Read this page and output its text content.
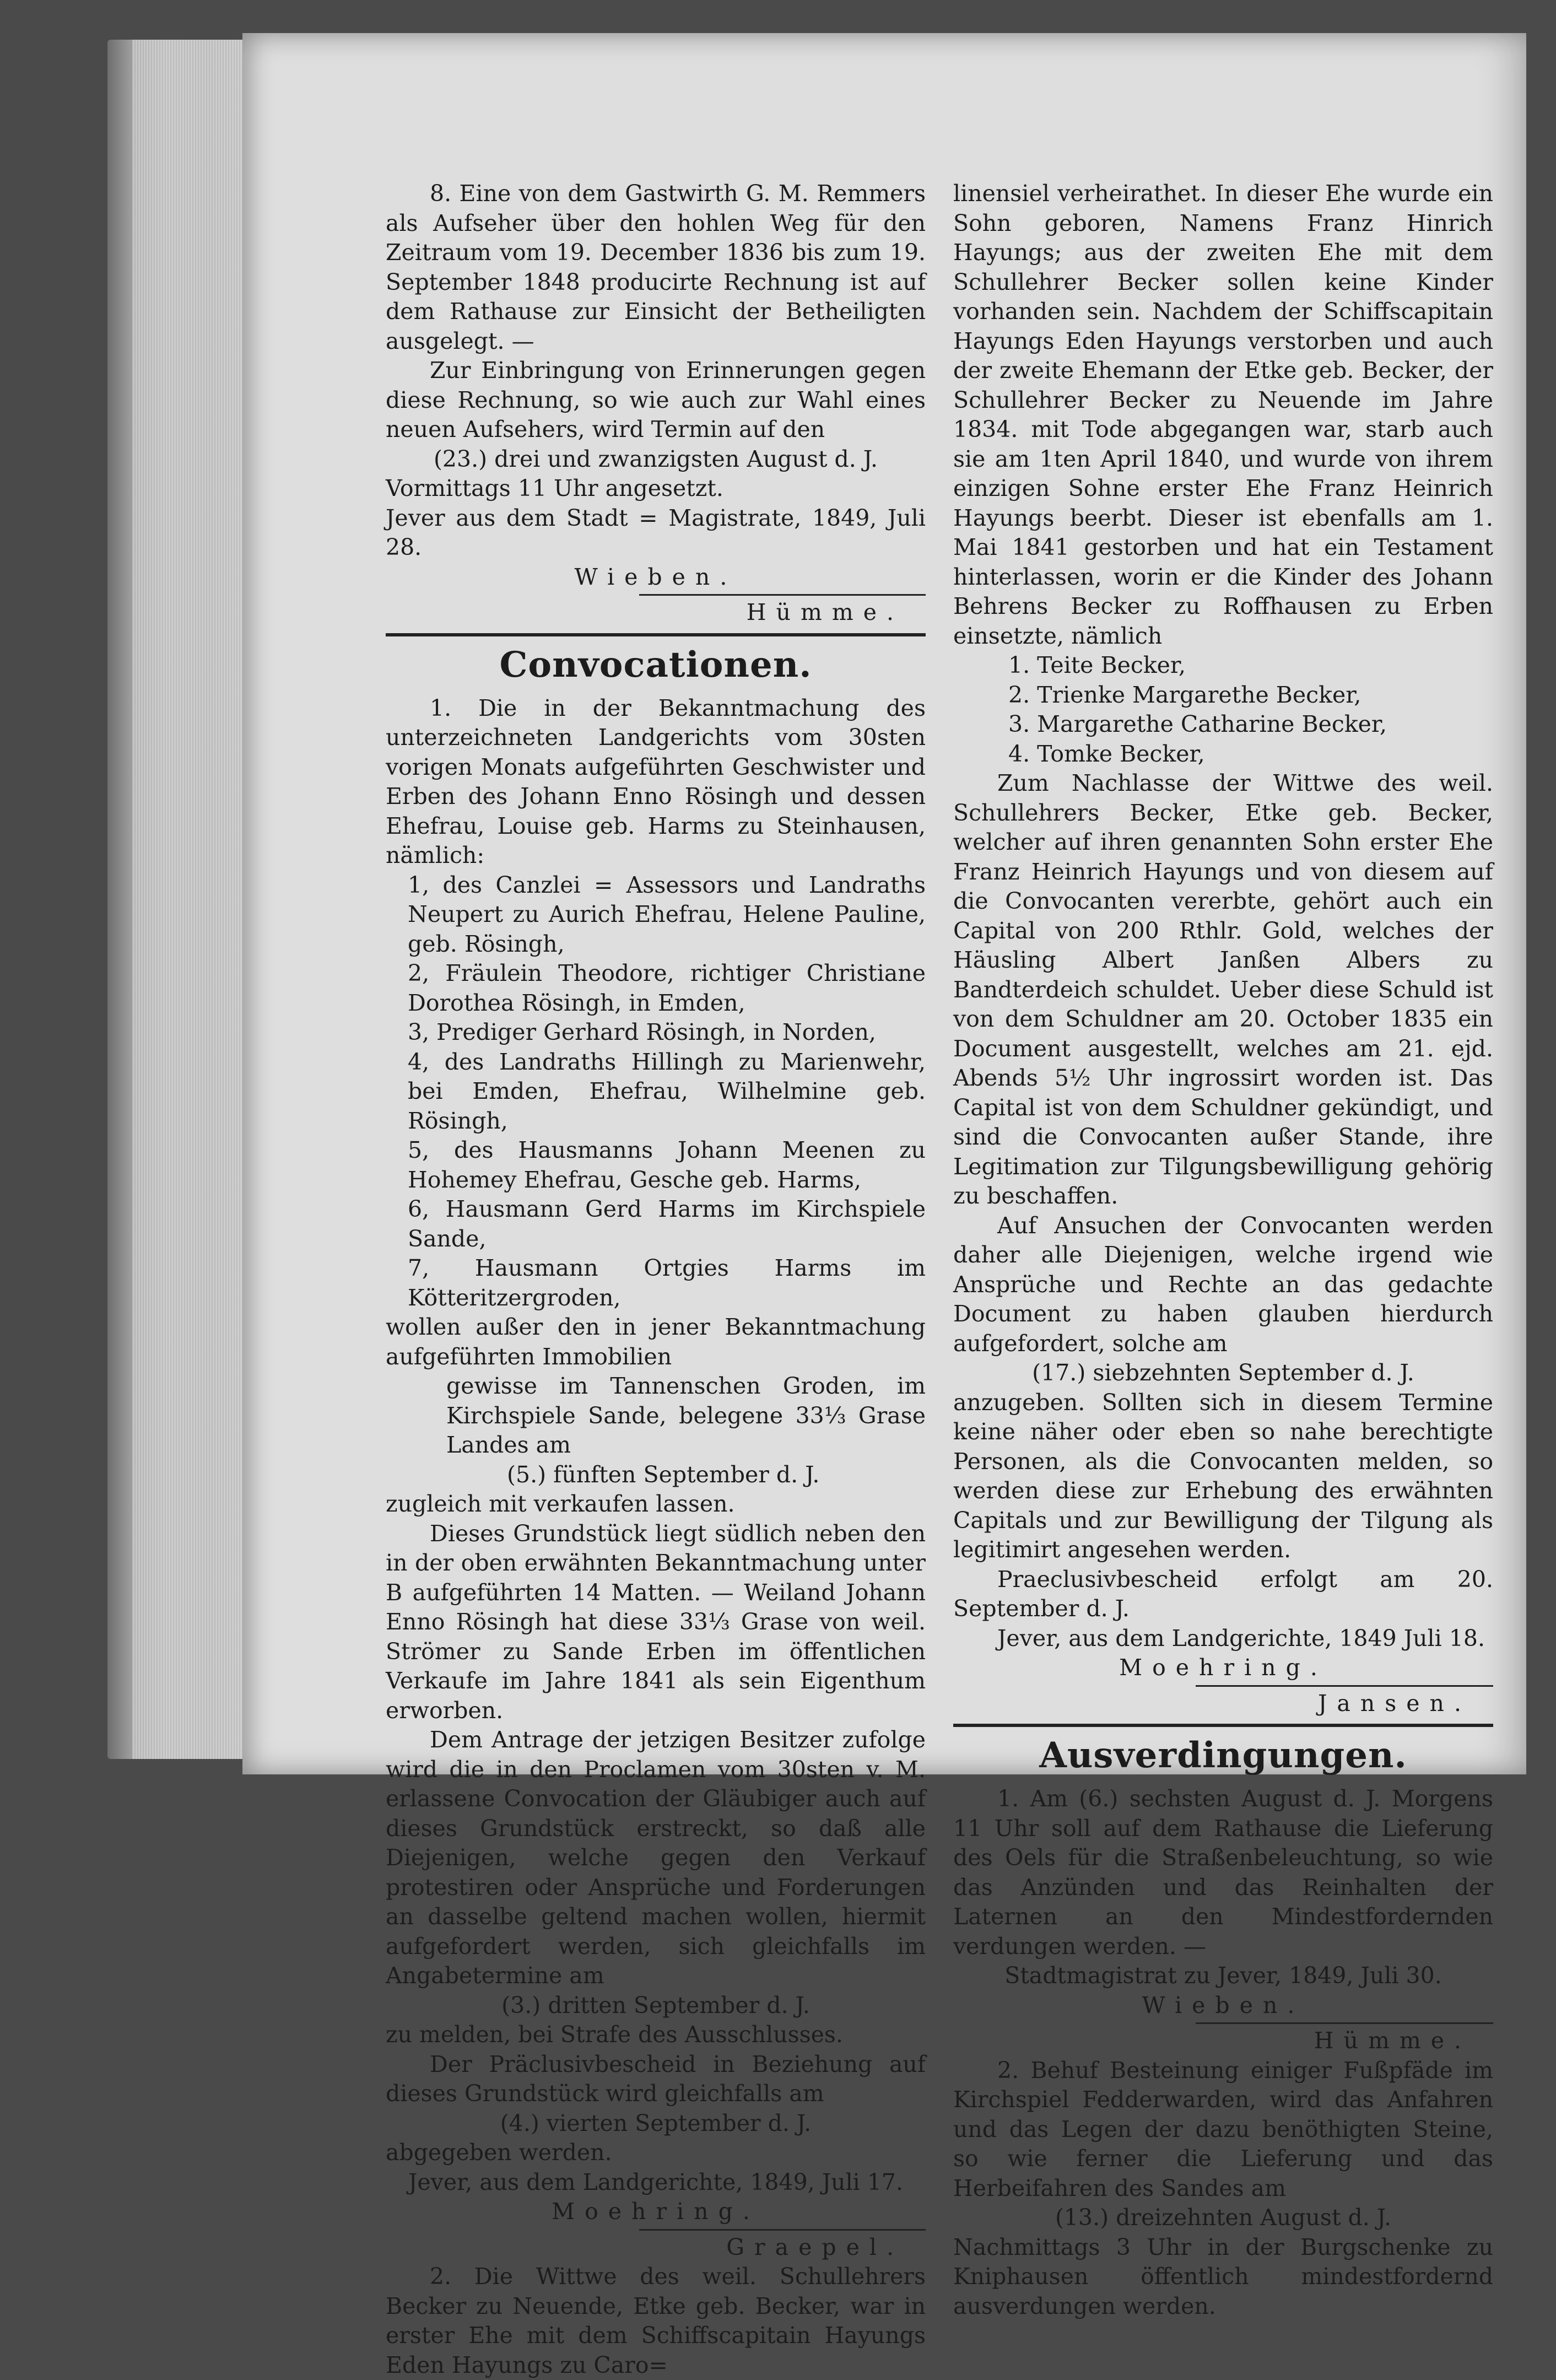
8. Eine von dem Gastwirth G. M. Remmers als Aufseher über den hohlen Weg für den Zeitraum vom 19. December 1836 bis zum 19. September 1848 producirte Rechnung ist auf dem Rathause zur Einsicht der Betheiligten ausgelegt. —

Zur Einbringung von Erinnerungen gegen diese Rechnung, so wie auch zur Wahl eines neuen Aufsehers, wird Termin auf den

(23.) drei und zwanzigsten August d. J.

Vormittags 11 Uhr angesetzt.

Jever aus dem Stadt = Magistrate, 1849, Juli 28.

Wieben.

Hümme.

Convocationen.

1. Die in der Bekanntmachung des unterzeichneten Landgerichts vom 30sten vorigen Monats aufgeführten Geschwister und Erben des Johann Enno Rösingh und dessen Ehefrau, Louise geb. Harms zu Steinhausen, nämlich:

1, des Canzlei = Assessors und Landraths Neupert zu Aurich Ehefrau, Helene Pauline, geb. Rösingh,

2, Fräulein Theodore, richtiger Christiane Dorothea Rösingh, in Emden,

3, Prediger Gerhard Rösingh, in Norden,

4, des Landraths Hillingh zu Marienwehr, bei Emden, Ehefrau, Wilhelmine geb. Rösingh,

5, des Hausmanns Johann Meenen zu Hohemey Ehefrau, Gesche geb. Harms,

6, Hausmann Gerd Harms im Kirchspiele Sande,

7, Hausmann Ortgies Harms im Kötteritzergroden,

wollen außer den in jener Bekanntmachung aufgeführten Immobilien

gewisse im Tannenschen Groden, im Kirchspiele Sande, belegene 33⅓ Grase Landes am

(5.) fünften September d. J.

zugleich mit verkaufen lassen.

Dieses Grundstück liegt südlich neben den in der oben erwähnten Bekanntmachung unter B aufgeführten 14 Matten. — Weiland Johann Enno Rösingh hat diese 33⅓ Grase von weil. Strömer zu Sande Erben im öffentlichen Verkaufe im Jahre 1841 als sein Eigenthum erworben.

Dem Antrage der jetzigen Besitzer zufolge wird die in den Proclamen vom 30sten v. M. erlassene Convocation der Gläubiger auch auf dieses Grundstück erstreckt, so daß alle Diejenigen, welche gegen den Verkauf protestiren oder Ansprüche und Forderungen an dasselbe geltend machen wollen, hiermit aufgefordert werden, sich gleichfalls im Angabetermine am

(3.) dritten September d. J.

zu melden, bei Strafe des Ausschlusses.

Der Präclusivbescheid in Beziehung auf dieses Grundstück wird gleichfalls am

(4.) vierten September d. J.

abgegeben werden.

Jever, aus dem Landgerichte, 1849, Juli 17.

Moehring.

Graepel.

2. Die Wittwe des weil. Schullehrers Becker zu Neuende, Etke geb. Becker, war in erster Ehe mit dem Schiffscapitain Hayungs Eden Hayungs zu Caro=

linensiel verheirathet. In dieser Ehe wurde ein Sohn geboren, Namens Franz Hinrich Hayungs; aus der zweiten Ehe mit dem Schullehrer Becker sollen keine Kinder vorhanden sein. Nachdem der Schiffscapitain Hayungs Eden Hayungs verstorben und auch der zweite Ehemann der Etke geb. Becker, der Schullehrer Becker zu Neuende im Jahre 1834. mit Tode abgegangen war, starb auch sie am 1ten April 1840, und wurde von ihrem einzigen Sohne erster Ehe Franz Heinrich Hayungs beerbt. Dieser ist ebenfalls am 1. Mai 1841 gestorben und hat ein Testament hinterlassen, worin er die Kinder des Johann Behrens Becker zu Roffhausen zu Erben einsetzte, nämlich

1. Teite Becker,

2. Trienke Margarethe Becker,

3. Margarethe Catharine Becker,

4. Tomke Becker,

Zum Nachlasse der Wittwe des weil. Schullehrers Becker, Etke geb. Becker, welcher auf ihren genannten Sohn erster Ehe Franz Heinrich Hayungs und von diesem auf die Convocanten vererbte, gehört auch ein Capital von 200 Rthlr. Gold, welches der Häusling Albert Janßen Albers zu Bandterdeich schuldet. Ueber diese Schuld ist von dem Schuldner am 20. October 1835 ein Document ausgestellt, welches am 21. ejd. Abends 5½ Uhr ingrossirt worden ist. Das Capital ist von dem Schuldner gekündigt, und sind die Convocanten außer Stande, ihre Legitimation zur Tilgungsbewilligung gehörig zu beschaffen.

Auf Ansuchen der Convocanten werden daher alle Diejenigen, welche irgend wie Ansprüche und Rechte an das gedachte Document zu haben glauben hierdurch aufgefordert, solche am

(17.) siebzehnten September d. J.

anzugeben. Sollten sich in diesem Termine keine näher oder eben so nahe berechtigte Personen, als die Convocanten melden, so werden diese zur Erhebung des erwähnten Capitals und zur Bewilligung der Tilgung als legitimirt angesehen werden.

Praeclusivbescheid erfolgt am 20. September d. J.

Jever, aus dem Landgerichte, 1849 Juli 18.

Moehring.

Jansen.

Ausverdingungen.

1. Am (6.) sechsten August d. J. Morgens 11 Uhr soll auf dem Rathause die Lieferung des Oels für die Straßenbeleuchtung, so wie das Anzünden und das Reinhalten der Laternen an den Mindestfordernden verdungen werden. —

Stadtmagistrat zu Jever, 1849, Juli 30.

Wieben.

Hümme.

2. Behuf Besteinung einiger Fußpfäde im Kirchspiel Fedderwarden, wird das Anfahren und das Legen der dazu benöthigten Steine, so wie ferner die Lieferung und das Herbeifahren des Sandes am

(13.) dreizehnten August d. J.

Nachmittags 3 Uhr in der Burgschenke zu Kniphausen öffentlich mindestfordernd ausverdungen werden.
